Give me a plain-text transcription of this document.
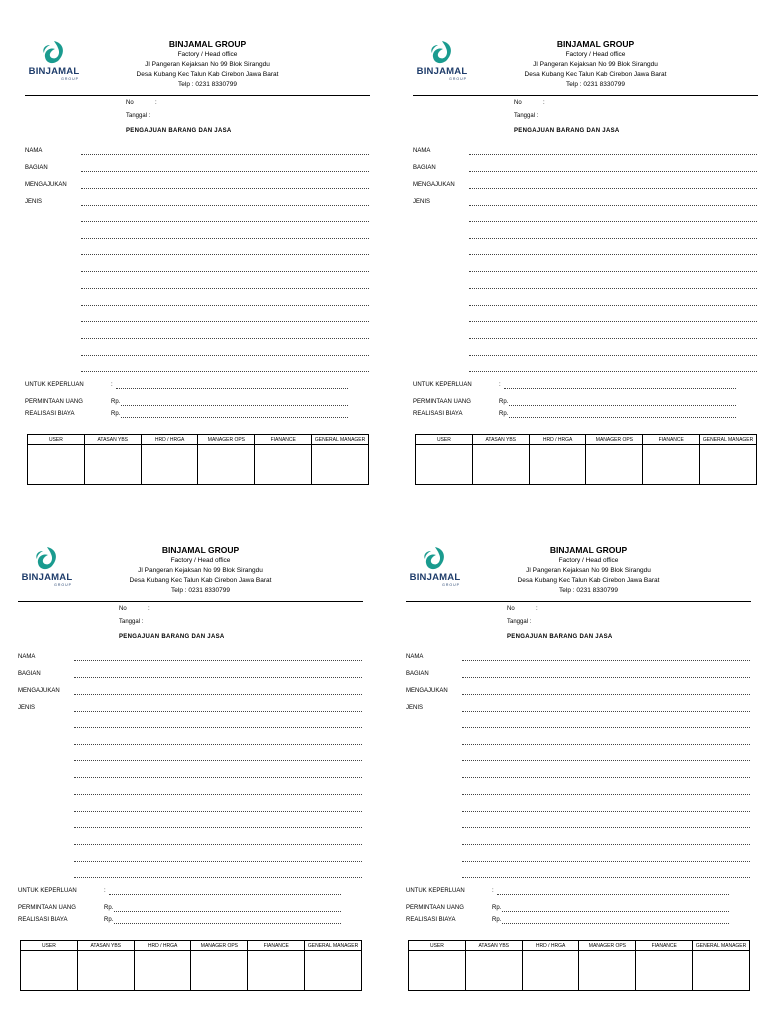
BINJAMAL
GROUP
BINJAMAL GROUP
Factory / Head office
Jl Pangeran Kejaksan No 99 Blok Sirangdu
Desa Kubang Kec Talun Kab Cirebon Jawa Barat
Telp : 0231 8330799
No	:
Tanggal :
PENGAJUAN BARANG DAN JASA
NAMA
BAGIAN
MENGAJUKAN
JENIS
UNTUK KEPERLUAN	:
PERMINTAAN UANG	Rp.
REALISASI BIAYA	Rp.
USER	ATASAN YBS	HRD / HRGA	MANAGER OPS	FIANANCE	GENERAL MANAGER

BINJAMAL
GROUP
BINJAMAL GROUP
Factory / Head office
Jl Pangeran Kejaksan No 99 Blok Sirangdu
Desa Kubang Kec Talun Kab Cirebon Jawa Barat
Telp : 0231 8330799
No	:
Tanggal :
PENGAJUAN BARANG DAN JASA
NAMA
BAGIAN
MENGAJUKAN
JENIS
UNTUK KEPERLUAN	:
PERMINTAAN UANG	Rp.
REALISASI BIAYA	Rp.
USER	ATASAN YBS	HRD / HRGA	MANAGER OPS	FIANANCE	GENERAL MANAGER

BINJAMAL
GROUP
BINJAMAL GROUP
Factory / Head office
Jl Pangeran Kejaksan No 99 Blok Sirangdu
Desa Kubang Kec Talun Kab Cirebon Jawa Barat
Telp : 0231 8330799
No	:
Tanggal :
PENGAJUAN BARANG DAN JASA
NAMA
BAGIAN
MENGAJUKAN
JENIS
UNTUK KEPERLUAN	:
PERMINTAAN UANG	Rp.
REALISASI BIAYA	Rp.
USER	ATASAN YBS	HRD / HRGA	MANAGER OPS	FIANANCE	GENERAL MANAGER

BINJAMAL
GROUP
BINJAMAL GROUP
Factory / Head office
Jl Pangeran Kejaksan No 99 Blok Sirangdu
Desa Kubang Kec Talun Kab Cirebon Jawa Barat
Telp : 0231 8330799
No	:
Tanggal :
PENGAJUAN BARANG DAN JASA
NAMA
BAGIAN
MENGAJUKAN
JENIS
UNTUK KEPERLUAN	:
PERMINTAAN UANG	Rp.
REALISASI BIAYA	Rp.
USER	ATASAN YBS	HRD / HRGA	MANAGER OPS	FIANANCE	GENERAL MANAGER
